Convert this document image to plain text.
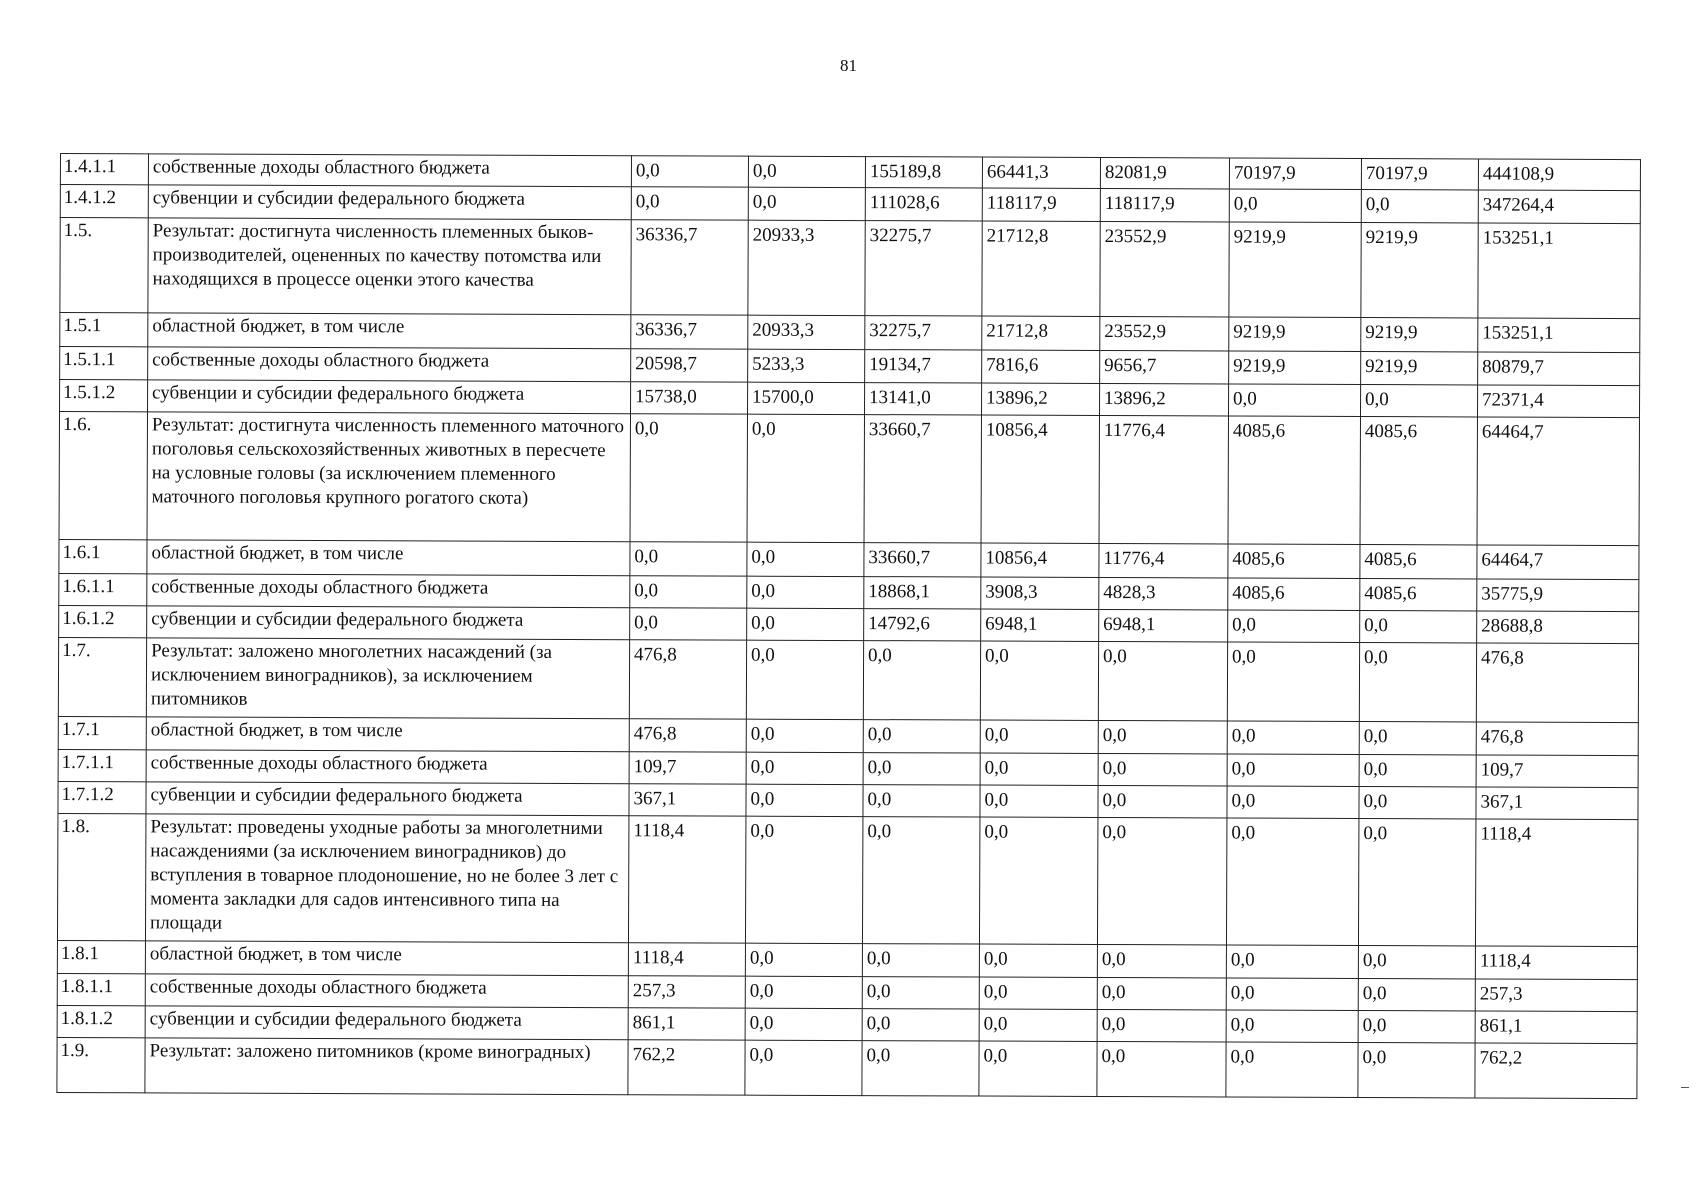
81
1.4.1.1	собственные доходы областного бюджета	0,0	0,0	155189,8	66441,3	82081,9	70197,9	70197,9	444108,9
1.4.1.2	субвенции и субсидии федерального бюджета	0,0	0,0	111028,6	118117,9	118117,9	0,0	0,0	347264,4
1.5.	Результат: достигнута численность племенных быков-производителей, оцененных по качеству потомства или находящихся в процессе оценки этого качества	36336,7	20933,3	32275,7	21712,8	23552,9	9219,9	9219,9	153251,1
1.5.1	областной бюджет, в том числе	36336,7	20933,3	32275,7	21712,8	23552,9	9219,9	9219,9	153251,1
1.5.1.1	собственные доходы областного бюджета	20598,7	5233,3	19134,7	7816,6	9656,7	9219,9	9219,9	80879,7
1.5.1.2	субвенции и субсидии федерального бюджета	15738,0	15700,0	13141,0	13896,2	13896,2	0,0	0,0	72371,4
1.6.	Результат: достигнута численность племенного маточного поголовья сельскохозяйственных животных в пересчете на условные головы (за исключением племенного маточного поголовья крупного рогатого скота)	0,0	0,0	33660,7	10856,4	11776,4	4085,6	4085,6	64464,7
1.6.1	областной бюджет, в том числе	0,0	0,0	33660,7	10856,4	11776,4	4085,6	4085,6	64464,7
1.6.1.1	собственные доходы областного бюджета	0,0	0,0	18868,1	3908,3	4828,3	4085,6	4085,6	35775,9
1.6.1.2	субвенции и субсидии федерального бюджета	0,0	0,0	14792,6	6948,1	6948,1	0,0	0,0	28688,8
1.7.	Результат: заложено многолетних насаждений (за исключением виноградников), за исключением питомников	476,8	0,0	0,0	0,0	0,0	0,0	0,0	476,8
1.7.1	областной бюджет, в том числе	476,8	0,0	0,0	0,0	0,0	0,0	0,0	476,8
1.7.1.1	собственные доходы областного бюджета	109,7	0,0	0,0	0,0	0,0	0,0	0,0	109,7
1.7.1.2	субвенции и субсидии федерального бюджета	367,1	0,0	0,0	0,0	0,0	0,0	0,0	367,1
1.8.	Результат: проведены уходные работы за многолетними насаждениями (за исключением виноградников) до вступления в товарное плодоношение, но не более 3 лет с момента закладки для садов интенсивного типа на площади	1118,4	0,0	0,0	0,0	0,0	0,0	0,0	1118,4
1.8.1	областной бюджет, в том числе	1118,4	0,0	0,0	0,0	0,0	0,0	0,0	1118,4
1.8.1.1	собственные доходы областного бюджета	257,3	0,0	0,0	0,0	0,0	0,0	0,0	257,3
1.8.1.2	субвенции и субсидии федерального бюджета	861,1	0,0	0,0	0,0	0,0	0,0	0,0	861,1
1.9.	Результат: заложено питомников (кроме виноградных)	762,2	0,0	0,0	0,0	0,0	0,0	0,0	762,2
